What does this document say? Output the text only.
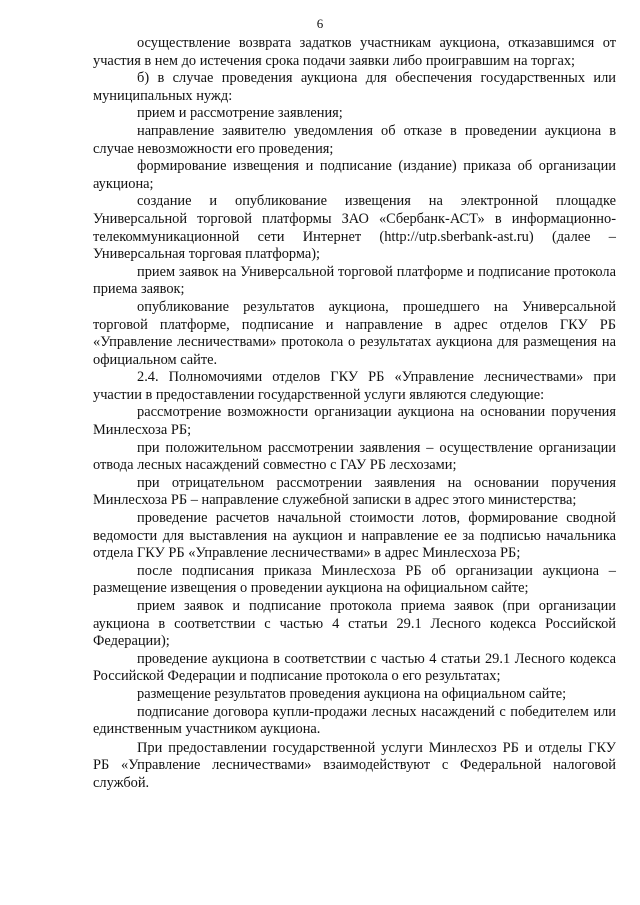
6

осуществление возврата задатков участникам аукциона, отказавшимся от участия в нем до истечения срока подачи заявки либо проигравшим на торгах;

б) в случае проведения аукциона для обеспечения государственных или муниципальных нужд:

прием и рассмотрение заявления;

направление заявителю уведомления об отказе в проведении аукциона в случае невозможности его проведения;

формирование извещения и подписание (издание) приказа об организации аукциона;

создание и опубликование извещения на электронной площадке Универсальной торговой платформы ЗАО «Сбербанк-АСТ» в информационно-телекоммуникационной сети Интернет (http://utp.sberbank-ast.ru) (далее – Универсальная торговая платформа);

прием заявок на Универсальной торговой платформе и подписание протокола приема заявок;

опубликование результатов аукциона, прошедшего на Универсальной торговой платформе, подписание и направление в адрес отделов ГКУ РБ «Управление лесничествами» протокола о результатах аукциона для размещения на официальном сайте.

2.4. Полномочиями отделов ГКУ РБ «Управление лесничествами» при участии в предоставлении государственной услуги являются следующие:

рассмотрение возможности организации аукциона на основании поручения Минлесхоза РБ;

при положительном рассмотрении заявления – осуществление организации отвода лесных насаждений совместно с ГАУ РБ лесхозами;

при отрицательном рассмотрении заявления на основании поручения Минлесхоза РБ – направление служебной записки в адрес этого министерства;

проведение расчетов начальной стоимости лотов, формирование сводной ведомости для выставления на аукцион и направление ее за подписью начальника отдела ГКУ РБ «Управление лесничествами» в адрес Минлесхоза РБ;

после подписания приказа Минлесхоза РБ об организации аукциона – размещение извещения о проведении аукциона на официальном сайте;

прием заявок и подписание протокола приема заявок (при организации аукциона в соответствии с частью 4 статьи 29.1 Лесного кодекса Российской Федерации);

проведение аукциона в соответствии с частью 4 статьи 29.1 Лесного кодекса Российской Федерации и подписание протокола о его результатах;

размещение результатов проведения аукциона на официальном сайте;

подписание договора купли-продажи лесных насаждений с победителем или единственным участником аукциона.

При предоставлении государственной услуги Минлесхоз РБ и отделы ГКУ РБ «Управление лесничествами» взаимодействуют с Федеральной налоговой службой.
